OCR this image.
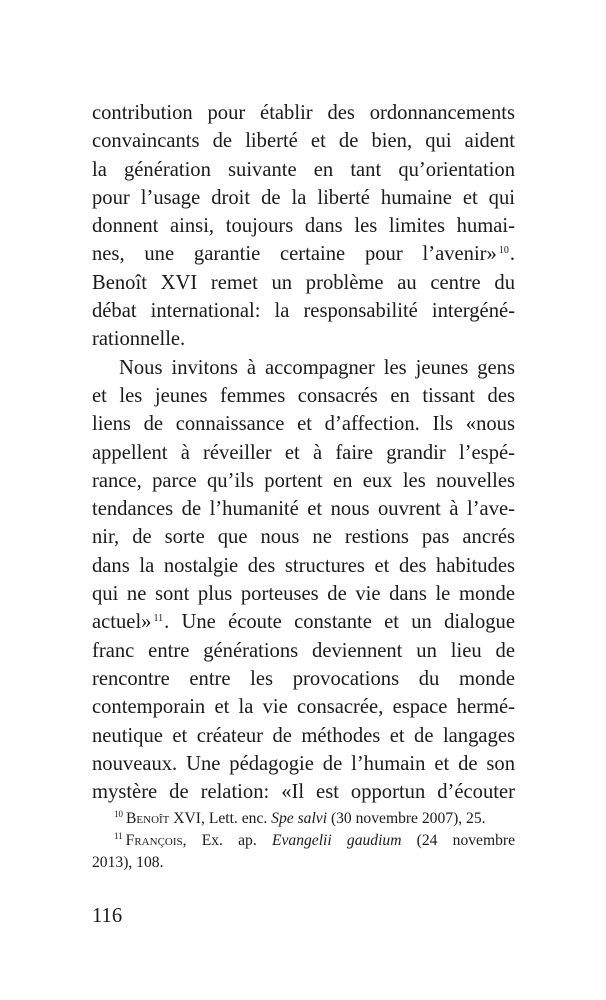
contribution pour établir des ordonnancements
convaincants de liberté et de bien, qui aident
la génération suivante en tant qu’orientation
pour l’usage droit de la liberté humaine et qui
donnent ainsi, toujours dans les limites humai-
nes, une garantie certaine pour l’avenir» $^{10}$.
Benoît XVI remet un problème au centre du
débat international: la responsabilité intergéné-
rationnelle.

Nous invitons à accompagner les jeunes gens
et les jeunes femmes consacrés en tissant des
liens de connaissance et d’affection. Ils «nous
appellent à réveiller et à faire grandir l’espé-
rance, parce qu’ils portent en eux les nouvelles
tendances de l’humanité et nous ouvrent à l’ave-
nir, de sorte que nous ne restions pas ancrés
dans la nostalgie des structures et des habitudes
qui ne sont plus porteuses de vie dans le monde
actuel» $^{11}$. Une écoute constante et un dialogue
franc entre générations deviennent un lieu de
rencontre entre les provocations du monde
contemporain et la vie consacrée, espace hermé-
neutique et créateur de méthodes et de langages
nouveaux. Une pédagogie de l’humain et de son
mystère de relation: «Il est opportun d’écouter

$^{10}$ Benoît XVI, Lett. enc. Spe salvi (30 novembre 2007), 25.
$^{11}$ François, Ex. ap. Evangelii gaudium (24 novembre
2013), 108.
116
